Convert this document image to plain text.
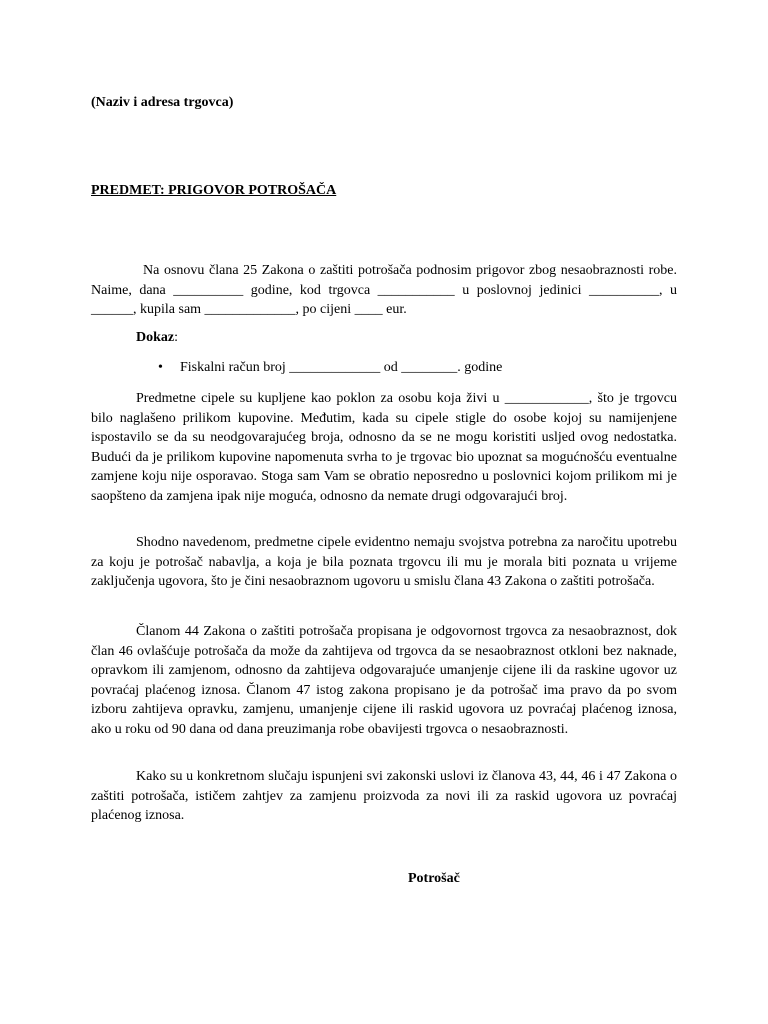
(Naziv i adresa trgovca)
PREDMET: PRIGOVOR POTROŠAČA

Na osnovu člana 25 Zakona o zaštiti potrošača podnosim prigovor zbog nesaobraznosti robe. Naime, dana __________ godine, kod trgovca ___________ u poslovnoj jedinici __________, u ______, kupila sam _____________, po cijeni ____ eur.

Dokaz:
• Fiskalni račun broj _____________ od ________. godine

Predmetne cipele su kupljene kao poklon za osobu koja živi u ____________, što je trgovcu bilo naglašeno prilikom kupovine. Međutim, kada su cipele stigle do osobe kojoj su namijenjene ispostavilo se da su neodgovarajućeg broja, odnosno da se ne mogu koristiti usljed ovog nedostatka. Budući da je prilikom kupovine napomenuta svrha to je trgovac bio upoznat sa mogućnošću eventualne zamjene koju nije osporavao. Stoga sam Vam se obratio neposredno u poslovnici kojom prilikom mi je saopšteno da zamjena ipak nije moguća, odnosno da nemate drugi odgovarajući broj.

Shodno navedenom, predmetne cipele evidentno nemaju svojstva potrebna za naročitu upotrebu za koju je potrošač nabavlja, a koja je bila poznata trgovcu ili mu je morala biti poznata u vrijeme zaključenja ugovora, što je čini nesaobraznom ugovoru u smislu člana 43 Zakona o zaštiti potrošača.

Članom 44 Zakona o zaštiti potrošača propisana je odgovornost trgovca za nesaobraznost, dok član 46 ovlašćuje potrošača da može da zahtijeva od trgovca da se nesaobraznost otkloni bez naknade, opravkom ili zamjenom, odnosno da zahtijeva odgovarajuće umanjenje cijene ili da raskine ugovor uz povraćaj plaćenog iznosa. Članom 47 istog zakona propisano je da potrošač ima pravo da po svom izboru zahtijeva opravku, zamjenu, umanjenje cijene ili raskid ugovora uz povraćaj plaćenog iznosa, ako u roku od 90 dana od dana preuzimanja robe obavijesti trgovca o nesaobraznosti.

Kako su u konkretnom slučaju ispunjeni svi zakonski uslovi iz članova 43, 44, 46 i 47 Zakona o zaštiti potrošača, ističem zahtjev za zamjenu proizvoda za novi ili za raskid ugovora uz povraćaj plaćenog iznosa.

Potrošač
